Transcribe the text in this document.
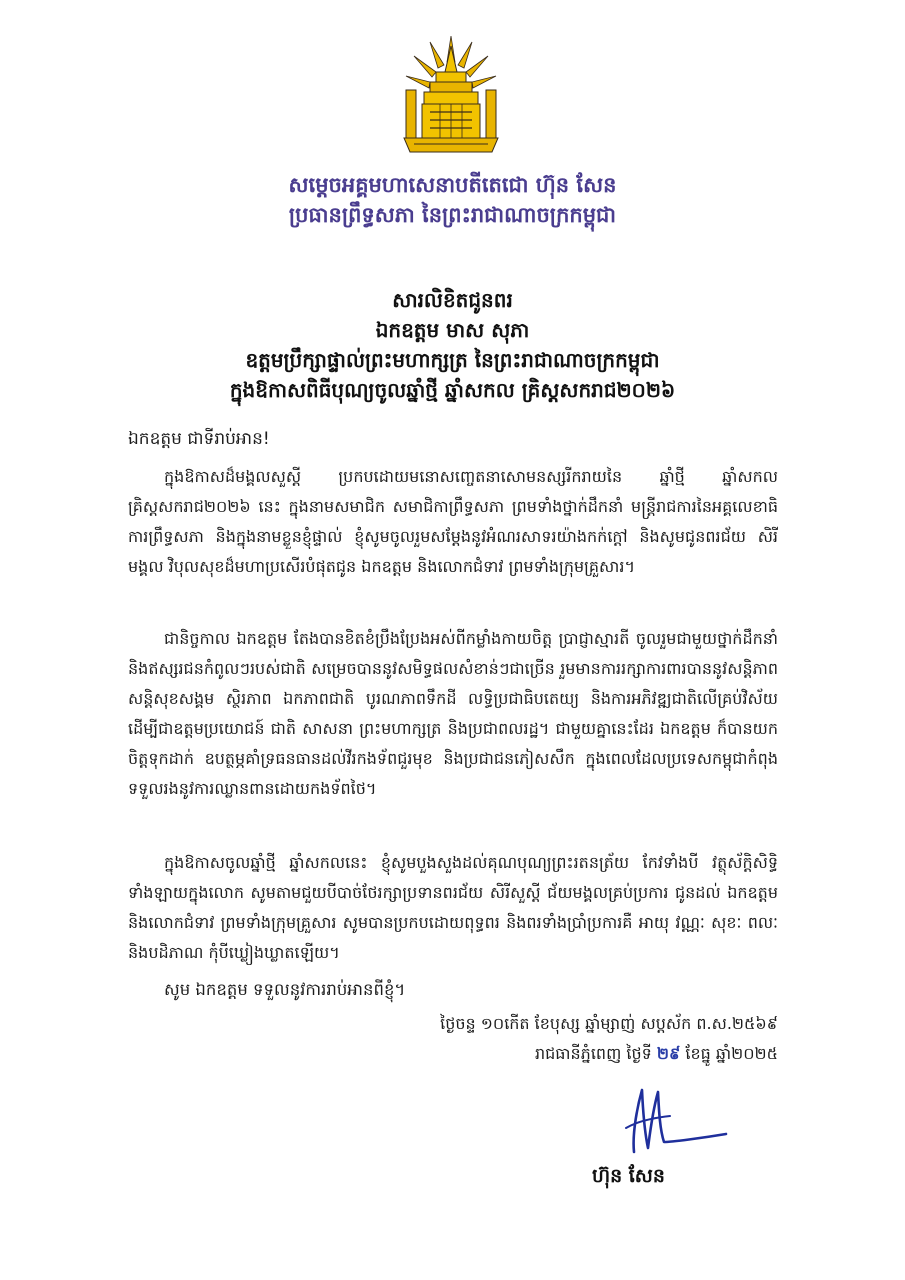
សម្ដេចអគ្គមហាសេនាបតីតេជោ ហ៊ុន សែន
ប្រធានព្រឹទ្ធសភា នៃព្រះរាជាណាចក្រកម្ពុជា
សារលិខិតជូនពរ
ឯកឧត្តម មាស សុភា
ឧត្តមប្រឹក្សាផ្ទាល់ព្រះមហាក្សត្រ នៃព្រះរាជាណាចក្រកម្ពុជា
ក្នុងឱកាសពិធីបុណ្យចូលឆ្នាំថ្មី ឆ្នាំសកល គ្រិស្តសករាជ២០២៦
ឯកឧត្តម ជាទីរាប់អាន!
ក្នុងឱកាសដ៏មង្គលសួស្តី ប្រកបដោយមនោសញ្ចេតនាសោមនស្សរីករាយនៃ ឆ្នាំថ្មី ឆ្នាំសកល គ្រិស្តសករាជ២០២៦ នេះ ក្នុងនាមសមាជិក សមាជិកាព្រឹទ្ធសភា ព្រមទាំងថ្នាក់ដឹកនាំ មន្ត្រីរាជការនៃអគ្គលេខាធិការព្រឹទ្ធសភា និងក្នុងនាមខ្លួនខ្ញុំផ្ទាល់ ខ្ញុំសូមចូលរួមសម្ដែងនូវអំណរសាទរយ៉ាងកក់ក្ដៅ និងសូមជូនពរជ័យ សិរីមង្គល វិបុលសុខដ៏មហាប្រសើរបំផុតជូន ឯកឧត្តម និងលោកជំទាវ ព្រមទាំងក្រុមគ្រួសារ។
ជានិច្ចកាល ឯកឧត្តម តែងបានខិតខំប្រឹងប្រែងអស់ពីកម្លាំងកាយចិត្ត ប្រាជ្ញាស្មារតី ចូលរួមជាមួយថ្នាក់ដឹកនាំ និងឥស្សរជនកំពូលៗរបស់ជាតិ សម្រេចបាននូវសមិទ្ធផលសំខាន់ៗជាច្រើន រួមមានការរក្សាការពារបាននូវសន្តិភាព សន្តិសុខសង្គម ស្ថិរភាព ឯកភាពជាតិ បូរណភាពទឹកដី លទ្ធិប្រជាធិបតេយ្យ និងការអភិវឌ្ឍជាតិលើគ្រប់វិស័យ ដើម្បីជាឧត្តមប្រយោជន៍ ជាតិ សាសនា ព្រះមហាក្សត្រ និងប្រជាពលរដ្ឋ។ ជាមួយគ្នានេះដែរ ឯកឧត្តម ក៏បានយកចិត្តទុកដាក់ ឧបត្ថម្ភគាំទ្រធនធានដល់វីរកងទ័ពជួរមុខ និងប្រជាជនភៀសសឹក ក្នុងពេលដែលប្រទេសកម្ពុជាកំពុងទទួលរងនូវការឈ្លានពានដោយកងទ័ពថៃ។
ក្នុងឱកាសចូលឆ្នាំថ្មី ឆ្នាំសកលនេះ ខ្ញុំសូមបួងសួងដល់គុណបុណ្យព្រះរតនត្រ័យ កែវទាំងបី វត្ថុស័ក្តិសិទ្ធិទាំងឡាយក្នុងលោក សូមតាមជួយបីបាច់ថែរក្សាប្រទានពរជ័យ សិរីសួស្តី ជ័យមង្គលគ្រប់ប្រការ ជូនដល់ ឯកឧត្តម និងលោកជំទាវ ព្រមទាំងក្រុមគ្រួសារ សូមបានប្រកបដោយពុទ្ធពរ និងពរទាំងប្រាំប្រការគឺ អាយុ វណ្ណៈ សុខៈ ពលៈ និងបដិភាណ កុំបីឃ្លៀងឃ្លាតឡើយ។
សូម ឯកឧត្តម ទទួលនូវការរាប់អានពីខ្ញុំ។
ថ្ងៃចន្ទ ១០កើត ខែបុស្ស ឆ្នាំម្សាញ់ សប្តស័ក ព.ស.២៥៦៩
រាជធានីភ្នំពេញ ថ្ងៃទី ២៩ ខែធ្នូ ឆ្នាំ២០២៥
ហ៊ុន សែន
